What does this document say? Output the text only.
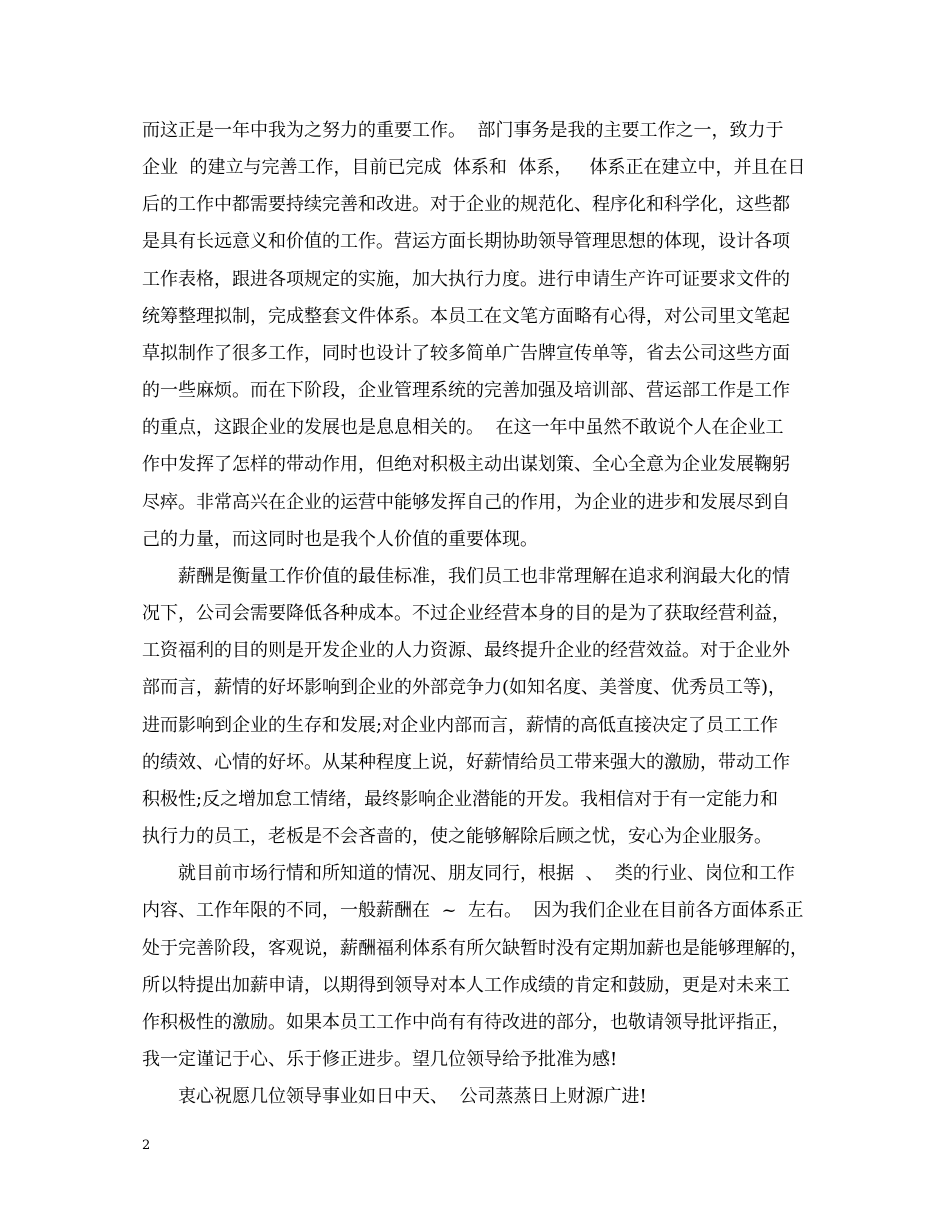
而这正是一年中我为之努力的重要工作。  部门事务是我的主要工作之一，致力于
企业  的建立与完善工作，目前已完成  体系和  体系，   体系正在建立中，并且在日
后的工作中都需要持续完善和改进。对于企业的规范化、程序化和科学化，这些都
是具有长远意义和价值的工作。营运方面长期协助领导管理思想的体现，设计各项
工作表格，跟进各项规定的实施，加大执行力度。进行申请生产许可证要求文件的
统筹整理拟制，完成整套文件体系。本员工在文笔方面略有心得，对公司里文笔起
草拟制作了很多工作，同时也设计了较多简单广告牌宣传单等，省去公司这些方面
的一些麻烦。而在下阶段，企业管理系统的完善加强及培训部、营运部工作是工作
的重点，这跟企业的发展也是息息相关的。  在这一年中虽然不敢说个人在企业工
作中发挥了怎样的带动作用，但绝对积极主动出谋划策、全心全意为企业发展鞠躬
尽瘁。非常高兴在企业的运营中能够发挥自己的作用，为企业的进步和发展尽到自
己的力量，而这同时也是我个人价值的重要体现。
薪酬是衡量工作价值的最佳标准，我们员工也非常理解在追求利润最大化的情
况下，公司会需要降低各种成本。不过企业经营本身的目的是为了获取经营利益，
工资福利的目的则是开发企业的人力资源、最终提升企业的经营效益。对于企业外
部而言，薪情的好坏影响到企业的外部竞争力(如知名度、美誉度、优秀员工等)，
进而影响到企业的生存和发展;对企业内部而言，薪情的高低直接决定了员工工作
的绩效、心情的好坏。从某种程度上说，好薪情给员工带来强大的激励，带动工作
积极性;反之增加怠工情绪，最终影响企业潜能的开发。我相信对于有一定能力和
执行力的员工，老板是不会吝啬的，使之能够解除后顾之忧，安心为企业服务。
就目前市场行情和所知道的情况、朋友同行，根据  、  类的行业、岗位和工作
内容、工作年限的不同，一般薪酬在  ~  左右。  因为我们企业在目前各方面体系正
处于完善阶段，客观说，薪酬福利体系有所欠缺暂时没有定期加薪也是能够理解的，
所以特提出加薪申请，以期得到领导对本人工作成绩的肯定和鼓励，更是对未来工
作积极性的激励。如果本员工工作中尚有有待改进的部分，也敬请领导批评指正，
我一定谨记于心、乐于修正进步。望几位领导给予批准为感!
衷心祝愿几位领导事业如日中天、  公司蒸蒸日上财源广进!
2
